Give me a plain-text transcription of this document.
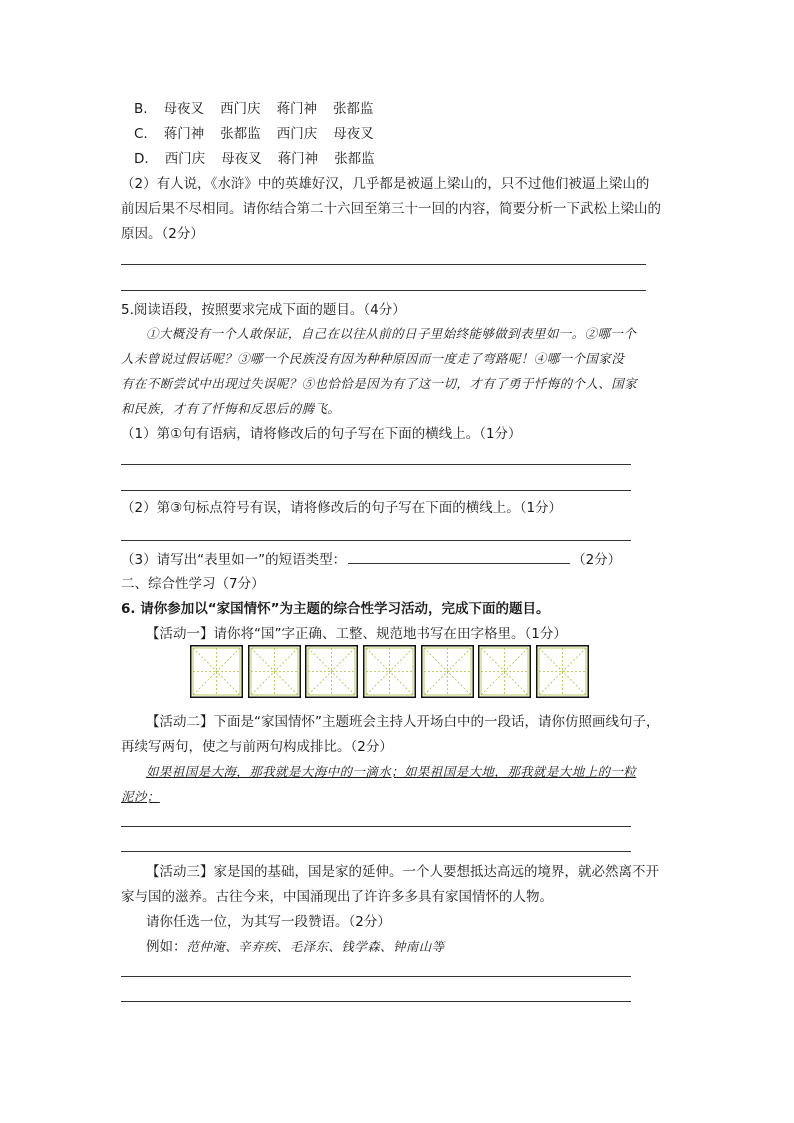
B. 母夜叉 西门庆 蒋门神 张都监
C. 蒋门神 张都监 西门庆 母夜叉
D. 西门庆 母夜叉 蒋门神 张都监
（2）有人说，《水浒》中的英雄好汉，几乎都是被逼上梁山的，只不过他们被逼上梁山的
前因后果不尽相同。请你结合第二十六回至第三十一回的内容，简要分析一下武松上梁山的
原因。（2分）
5.阅读语段，按照要求完成下面的题目。（4分）
①大概没有一个人敢保证，自己在以往从前的日子里始终能够做到表里如一。②哪一个
人未曾说过假话呢？③哪一个民族没有因为种种原因而一度走了弯路呢！④哪一个国家没
有在不断尝试中出现过失误呢？⑤也恰恰是因为有了这一切，才有了勇于忏悔的个人、国家
和民族，才有了忏悔和反思后的腾飞。
（1）第①句有语病，请将修改后的句子写在下面的横线上。（1分）
（2）第③句标点符号有误，请将修改后的句子写在下面的横线上。（1分）
（3）请写出“表里如一”的短语类型：	（2分）
二、综合性学习（7分）
6. 请你参加以“家国情怀”为主题的综合性学习活动，完成下面的题目。
【活动一】请你将“国”字正确、工整、规范地书写在田字格里。（1分）
【活动二】下面是“家国情怀”主题班会主持人开场白中的一段话，请你仿照画线句子，
再续写两句，使之与前两句构成排比。（2分）
如果祖国是大海，那我就是大海中的一滴水；如果祖国是大地，那我就是大地上的一粒
泥沙；
【活动三】家是国的基础，国是家的延伸。一个人要想抵达高远的境界，就必然离不开
家与国的滋养。古往今来，中国涌现出了许许多多具有家国情怀的人物。
请你任选一位，为其写一段赞语。（2分）
例如：范仲淹、辛弃疾、毛泽东、钱学森、钟南山等
